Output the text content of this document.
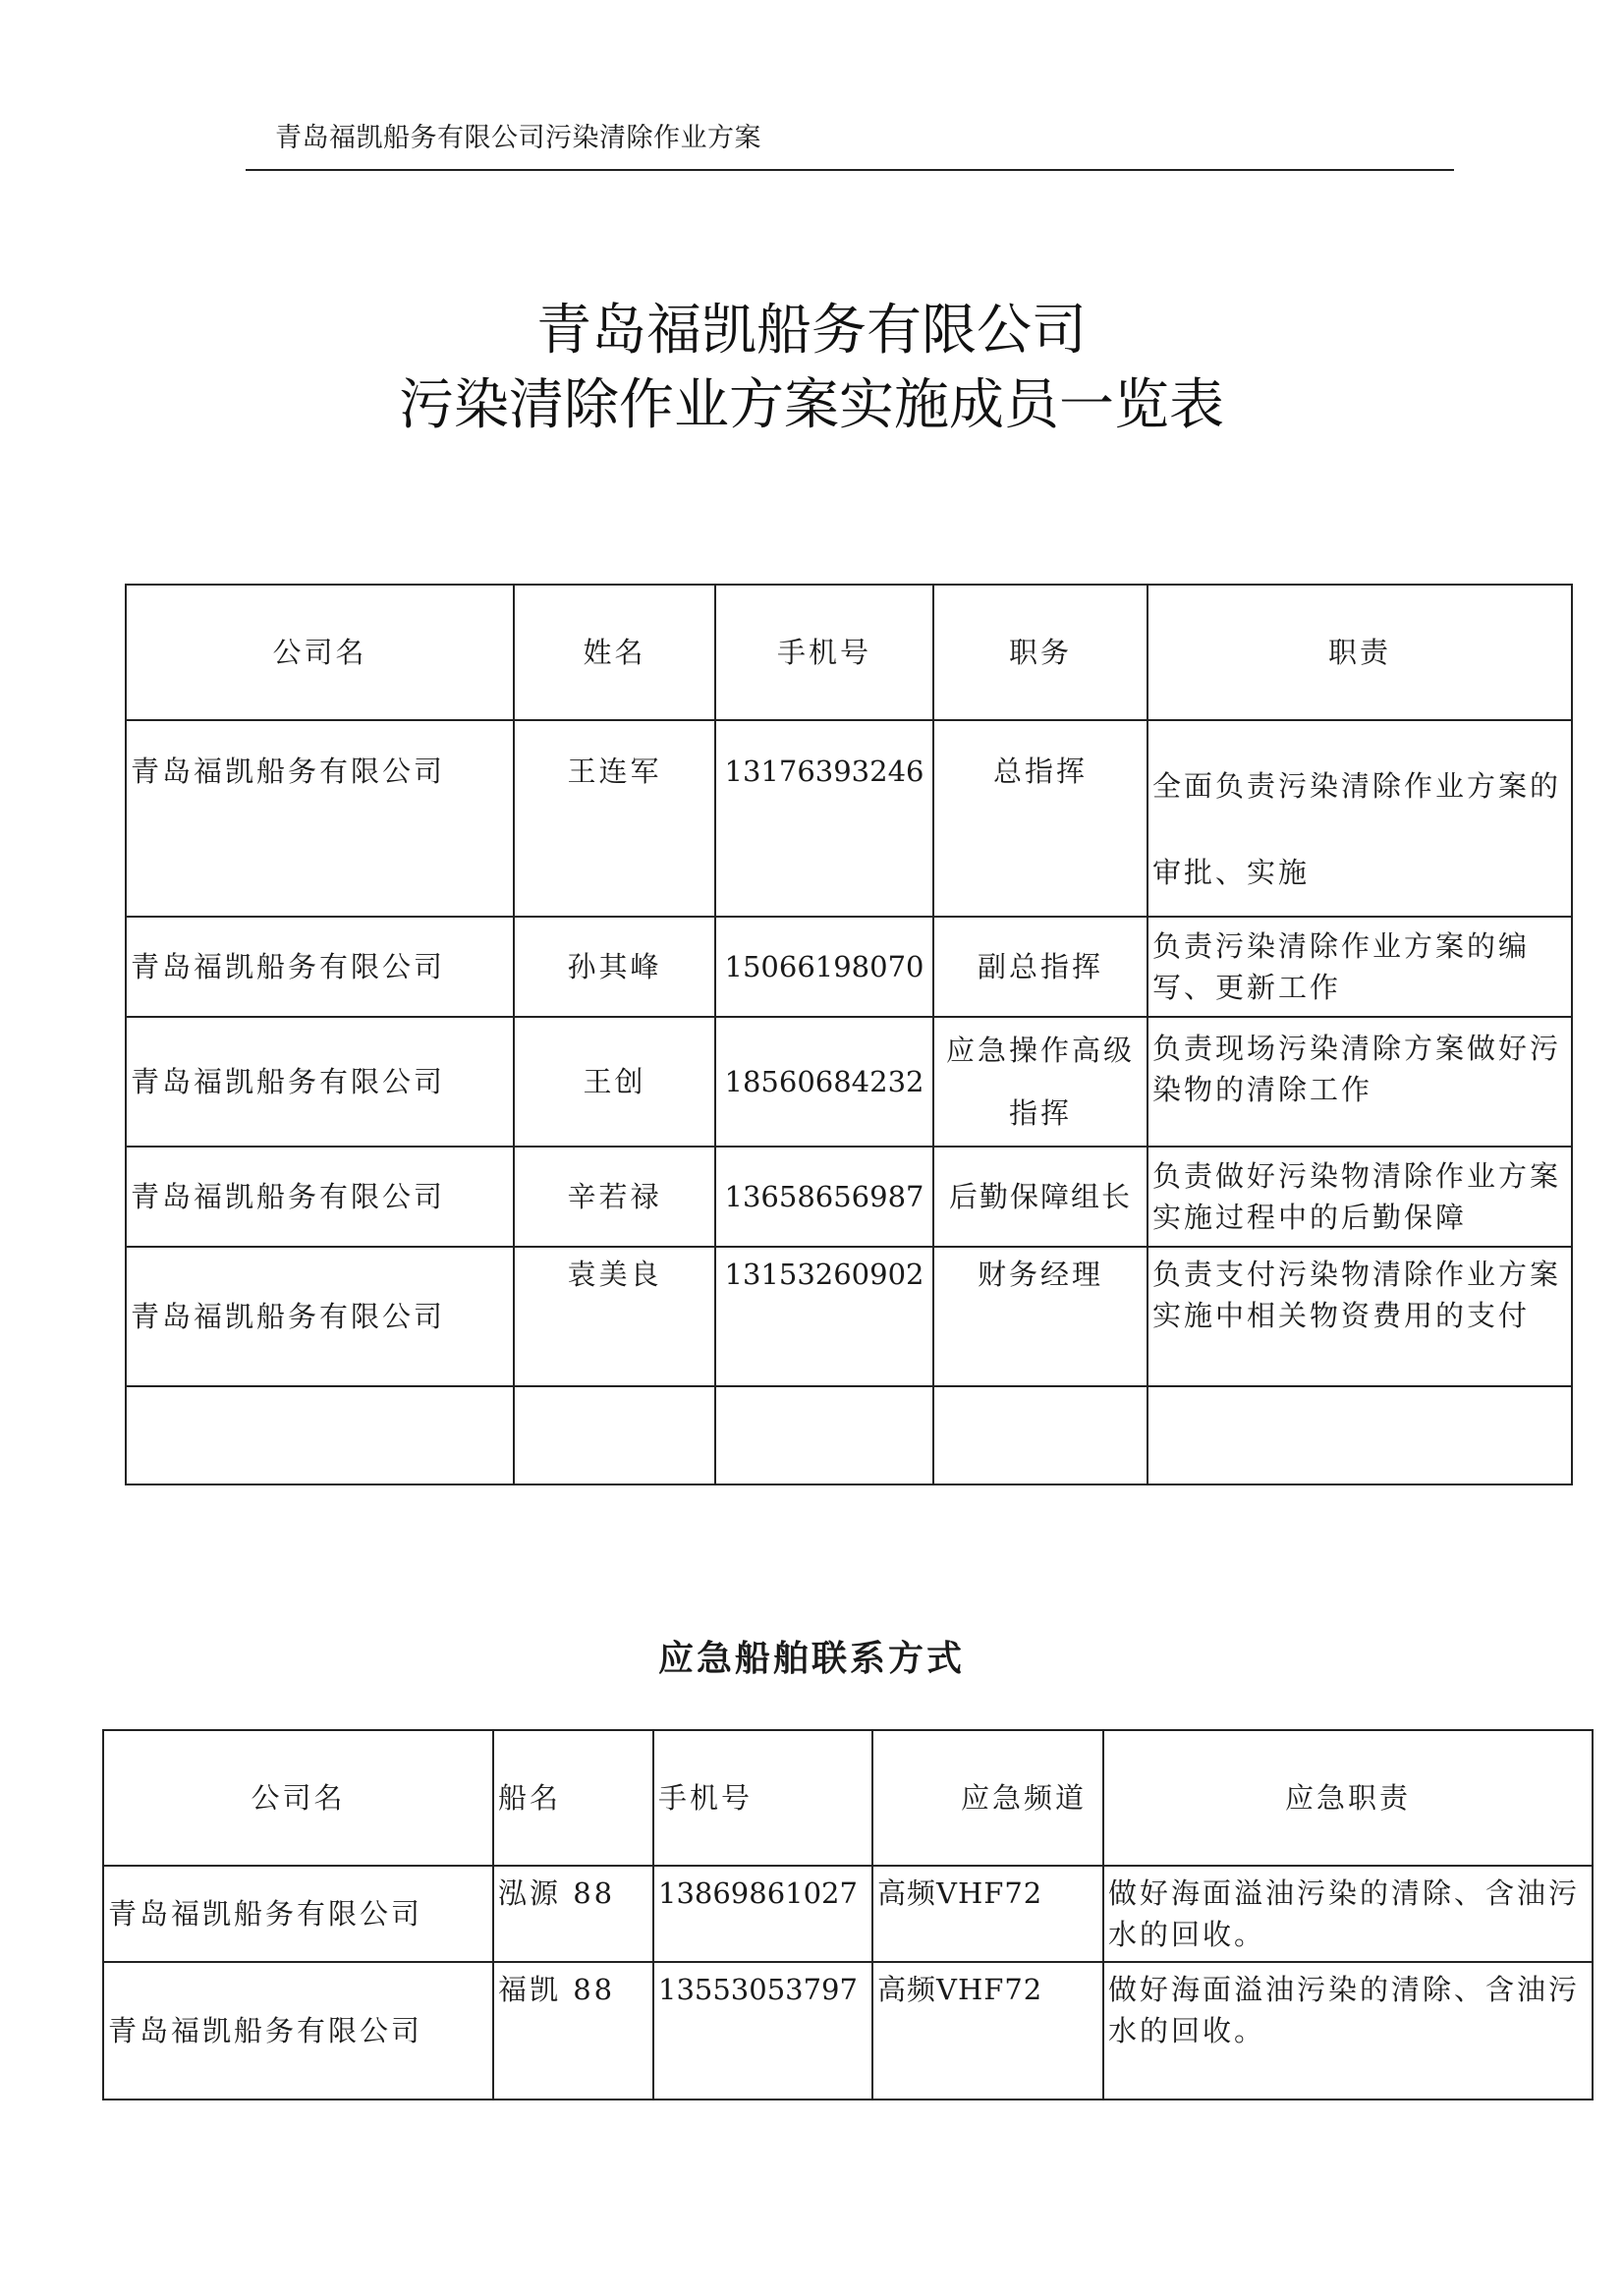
青岛福凯船务有限公司污染清除作业方案
青岛福凯船务有限公司
污染清除作业方案实施成员一览表
公司名	姓名	手机号	职务	职责
青岛福凯船务有限公司	王连军	13176393246	总指挥	全面负责污染清除作业方案的审批、实施
青岛福凯船务有限公司	孙其峰	15066198070	副总指挥	负责污染清除作业方案的编写、更新工作
青岛福凯船务有限公司	王创	18560684232	应急操作高级指挥	负责现场污染清除方案做好污染物的清除工作
青岛福凯船务有限公司	辛若禄	13658656987	后勤保障组长	负责做好污染物清除作业方案实施过程中的后勤保障
青岛福凯船务有限公司	袁美良	13153260902	财务经理	负责支付污染物清除作业方案实施中相关物资费用的支付

应急船舶联系方式
公司名	船名	手机号	应急频道	应急职责
青岛福凯船务有限公司	泓源 88	13869861027	高频VHF72	做好海面溢油污染的清除、含油污水的回收。
青岛福凯船务有限公司	福凯 88	13553053797	高频VHF72	做好海面溢油污染的清除、含油污水的回收。
